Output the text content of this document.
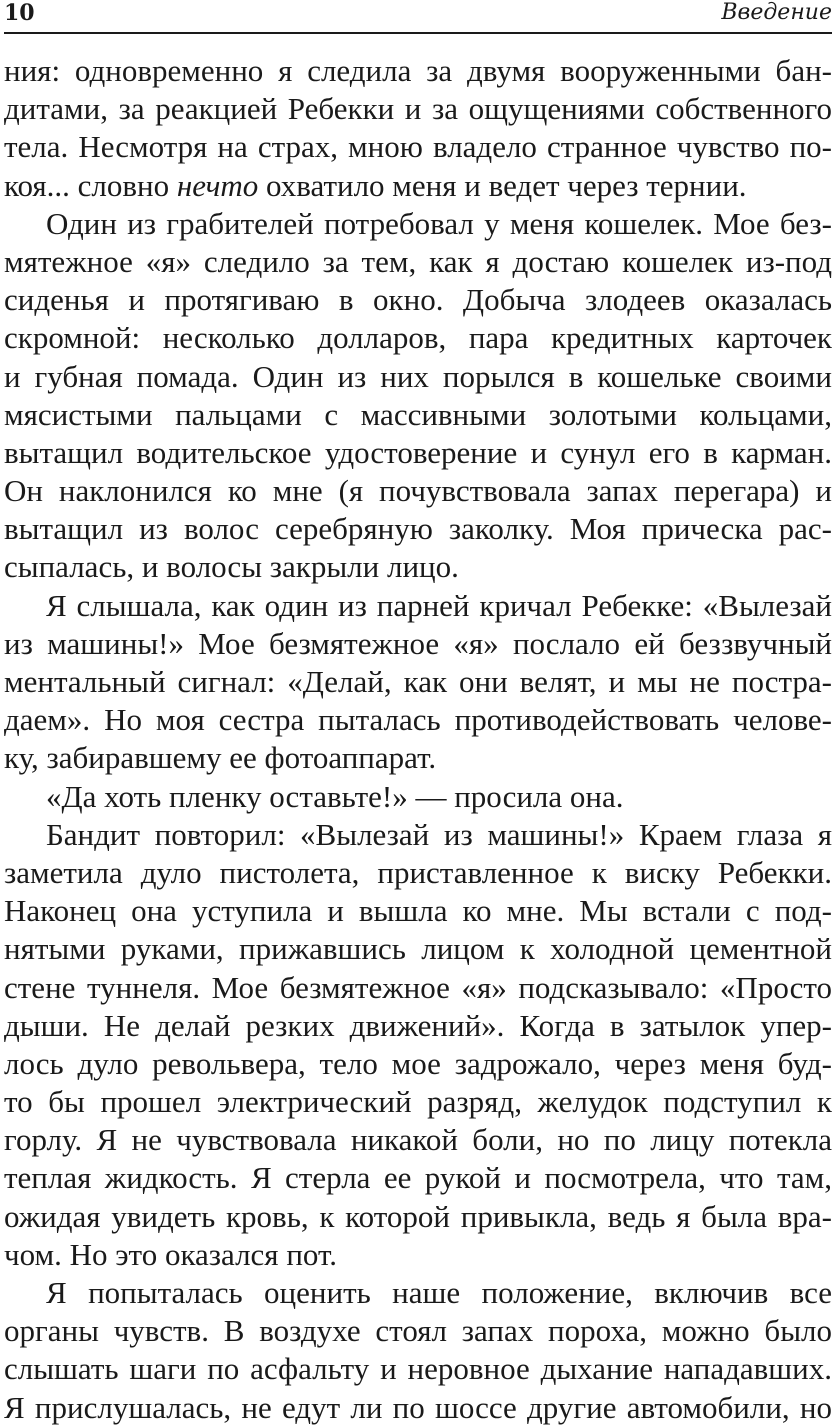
10	Введение
ния: одновременно я следила за двумя вооруженными бан-
дитами, за реакцией Ребекки и за ощущениями собственного
тела. Несмотря на страх, мною владело странное чувство по-
коя... словно нечто охватило меня и ведет через тернии.
Один из грабителей потребовал у меня кошелек. Мое без-
мятежное «я» следило за тем, как я достаю кошелек из-под
сиденья и протягиваю в окно. Добыча злодеев оказалась
скромной: несколько долларов, пара кредитных карточек
и губная помада. Один из них порылся в кошельке своими
мясистыми пальцами с массивными золотыми кольцами,
вытащил водительское удостоверение и сунул его в карман.
Он наклонился ко мне (я почувствовала запах перегара) и
вытащил из волос серебряную заколку. Моя прическа рас-
сыпалась, и волосы закрыли лицо.
Я слышала, как один из парней кричал Ребекке: «Вылезай
из машины!» Мое безмятежное «я» послало ей беззвучный
ментальный сигнал: «Делай, как они велят, и мы не постра-
даем». Но моя сестра пыталась противодействовать челове-
ку, забиравшему ее фотоаппарат.
«Да хоть пленку оставьте!» — просила она.
Бандит повторил: «Вылезай из машины!» Краем глаза я
заметила дуло пистолета, приставленное к виску Ребекки.
Наконец она уступила и вышла ко мне. Мы встали с под-
нятыми руками, прижавшись лицом к холодной цементной
стене туннеля. Мое безмятежное «я» подсказывало: «Просто
дыши. Не делай резких движений». Когда в затылок упер-
лось дуло револьвера, тело мое задрожало, через меня буд-
то бы прошел электрический разряд, желудок подступил к
горлу. Я не чувствовала никакой боли, но по лицу потекла
теплая жидкость. Я стерла ее рукой и посмотрела, что там,
ожидая увидеть кровь, к которой привыкла, ведь я была вра-
чом. Но это оказался пот.
Я попыталась оценить наше положение, включив все
органы чувств. В воздухе стоял запах пороха, можно было
слышать шаги по асфальту и неровное дыхание нападавших.
Я прислушалась, не едут ли по шоссе другие автомобили, но
